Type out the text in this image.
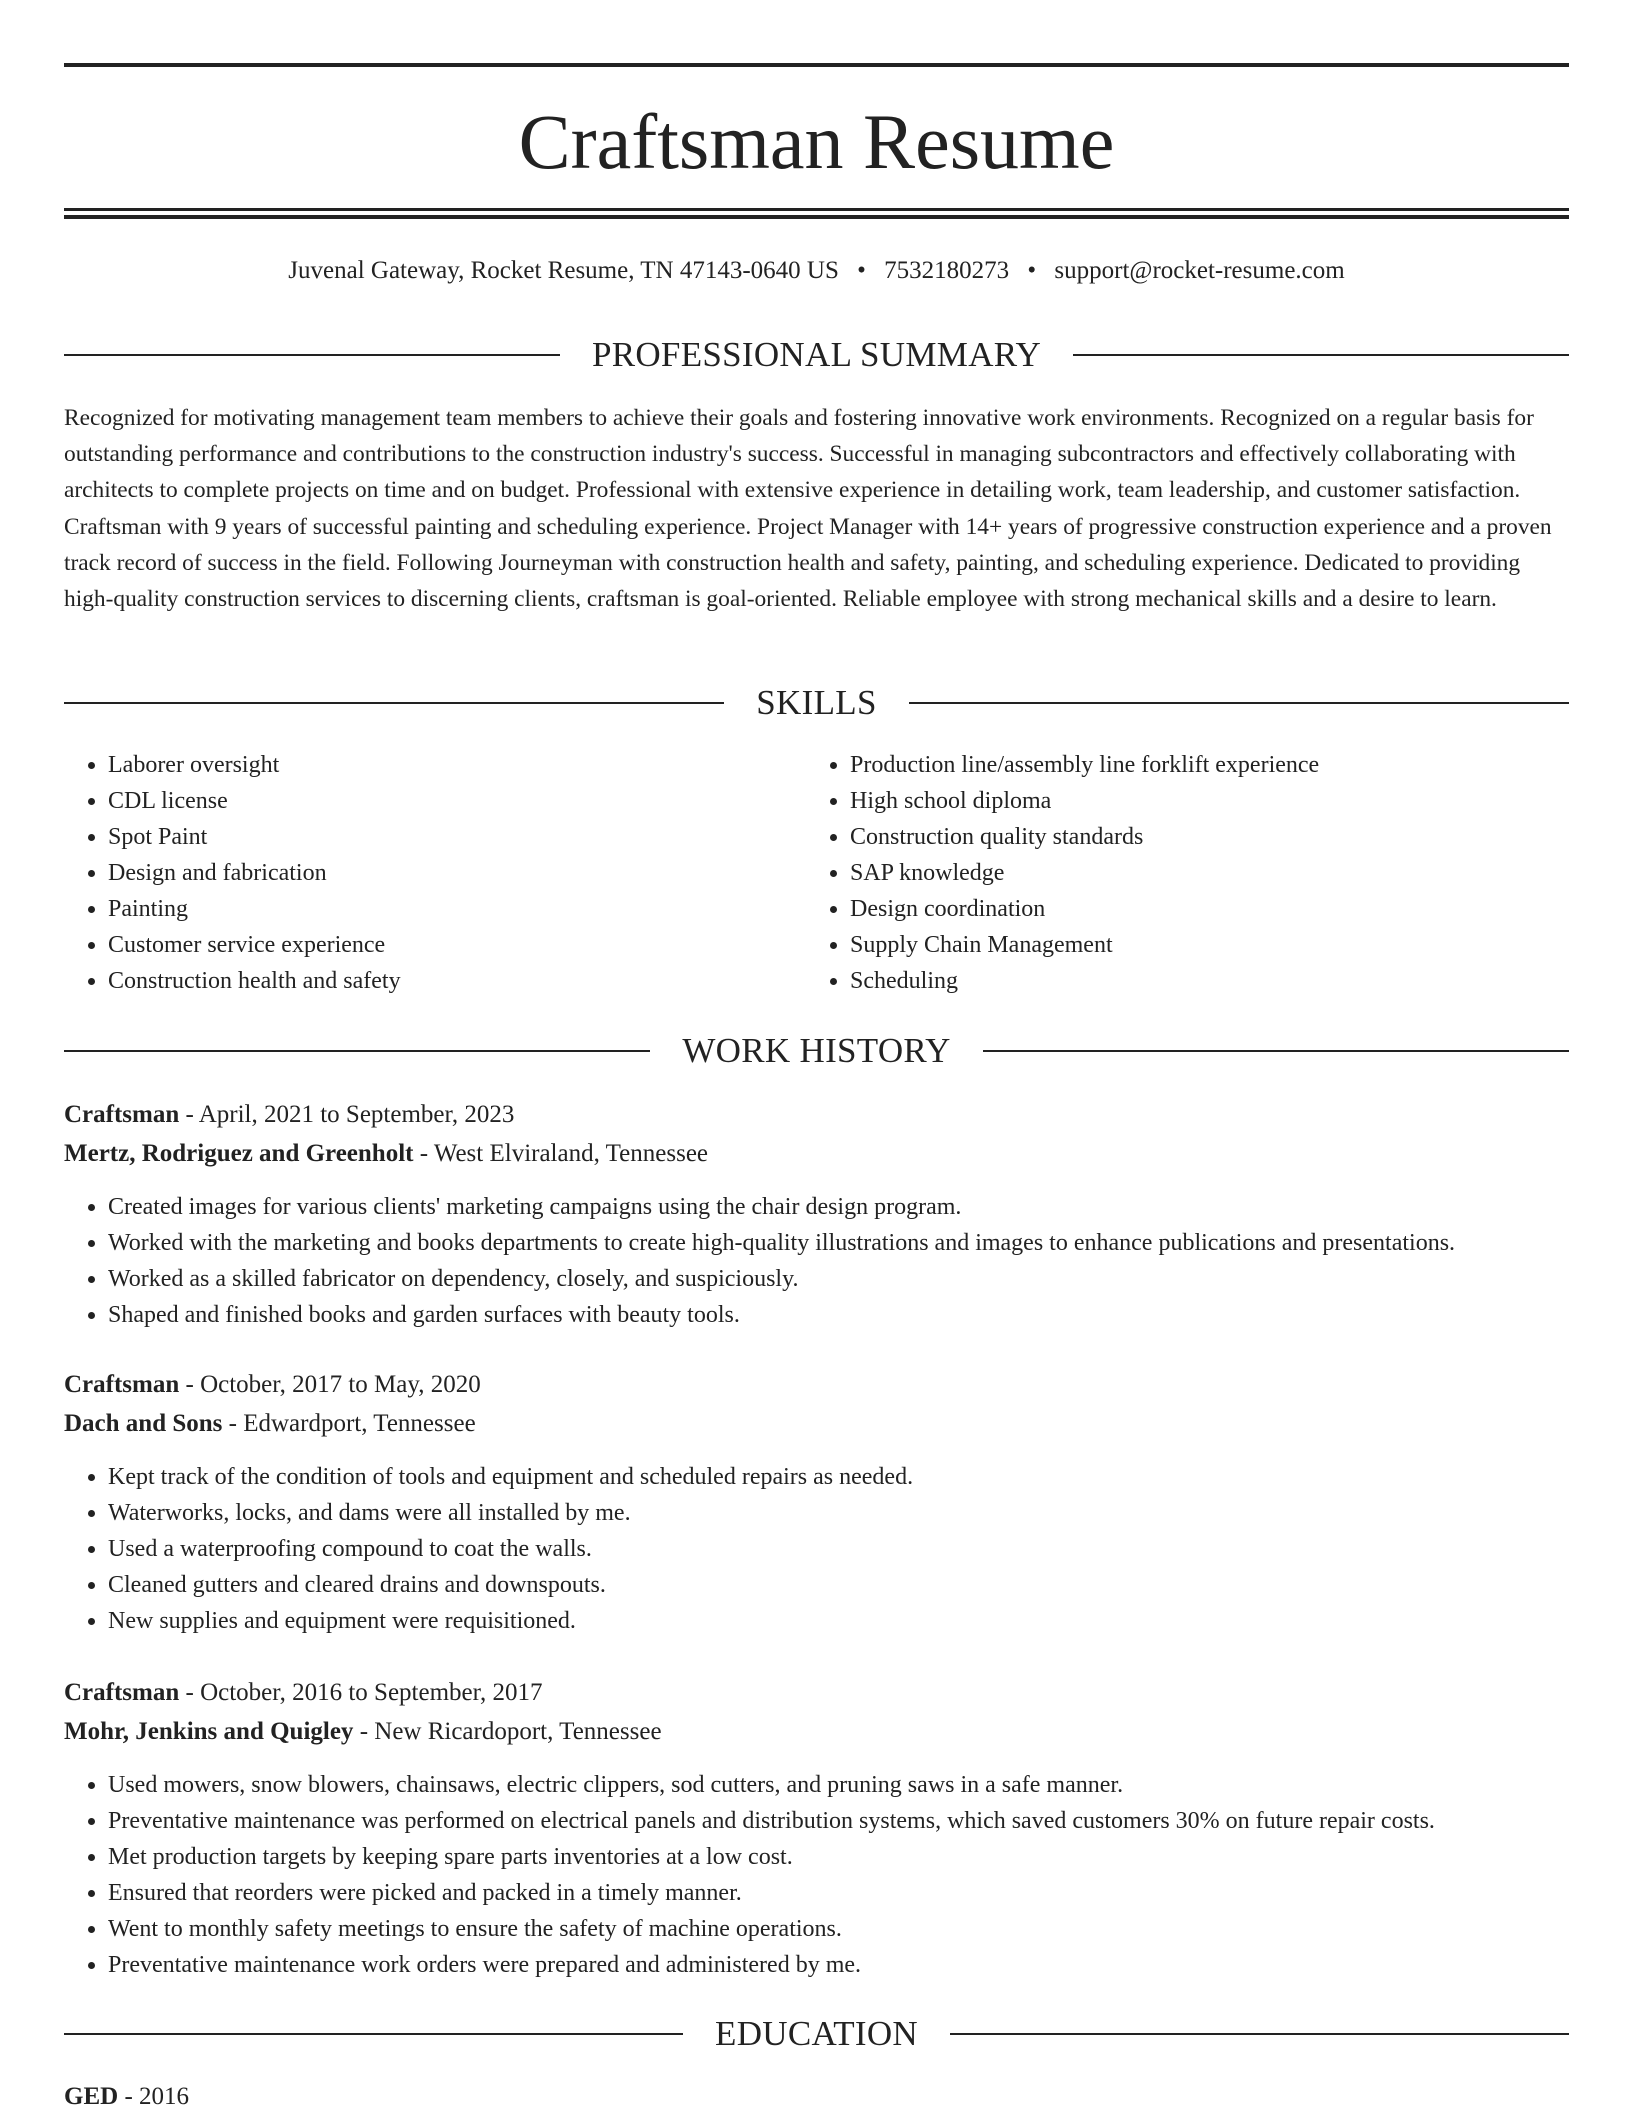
Craftsman Resume
Juvenal Gateway, Rocket Resume, TN 47143-0640 US • 7532180273 • support@rocket-resume.com
PROFESSIONAL SUMMARY

Recognized for motivating management team members to achieve their goals and fostering innovative work environments. Recognized on a regular basis for outstanding performance and contributions to the construction industry's success. Successful in managing subcontractors and effectively collaborating with architects to complete projects on time and on budget. Professional with extensive experience in detailing work, team leadership, and customer satisfaction. Craftsman with 9 years of successful painting and scheduling experience. Project Manager with 14+ years of progressive construction experience and a proven track record of success in the field. Following Journeyman with construction health and safety, painting, and scheduling experience. Dedicated to providing high-quality construction services to discerning clients, craftsman is goal-oriented. Reliable employee with strong mechanical skills and a desire to learn.

SKILLS
• Laborer oversight
• CDL license
• Spot Paint
• Design and fabrication
• Painting
• Customer service experience
• Construction health and safety
• Production line/assembly line forklift experience
• High school diploma
• Construction quality standards
• SAP knowledge
• Design coordination
• Supply Chain Management
• Scheduling
WORK HISTORY
Craftsman - April, 2021 to September, 2023
Mertz, Rodriguez and Greenholt - West Elviraland, Tennessee
• Created images for various clients' marketing campaigns using the chair design program.
• Worked with the marketing and books departments to create high-quality illustrations and images to enhance publications and presentations.
• Worked as a skilled fabricator on dependency, closely, and suspiciously.
• Shaped and finished books and garden surfaces with beauty tools.
Craftsman - October, 2017 to May, 2020
Dach and Sons - Edwardport, Tennessee
• Kept track of the condition of tools and equipment and scheduled repairs as needed.
• Waterworks, locks, and dams were all installed by me.
• Used a waterproofing compound to coat the walls.
• Cleaned gutters and cleared drains and downspouts.
• New supplies and equipment were requisitioned.
Craftsman - October, 2016 to September, 2017
Mohr, Jenkins and Quigley - New Ricardoport, Tennessee
• Used mowers, snow blowers, chainsaws, electric clippers, sod cutters, and pruning saws in a safe manner.
• Preventative maintenance was performed on electrical panels and distribution systems, which saved customers 30% on future repair costs.
• Met production targets by keeping spare parts inventories at a low cost.
• Ensured that reorders were picked and packed in a timely manner.
• Went to monthly safety meetings to ensure the safety of machine operations.
• Preventative maintenance work orders were prepared and administered by me.
EDUCATION
GED - 2016
